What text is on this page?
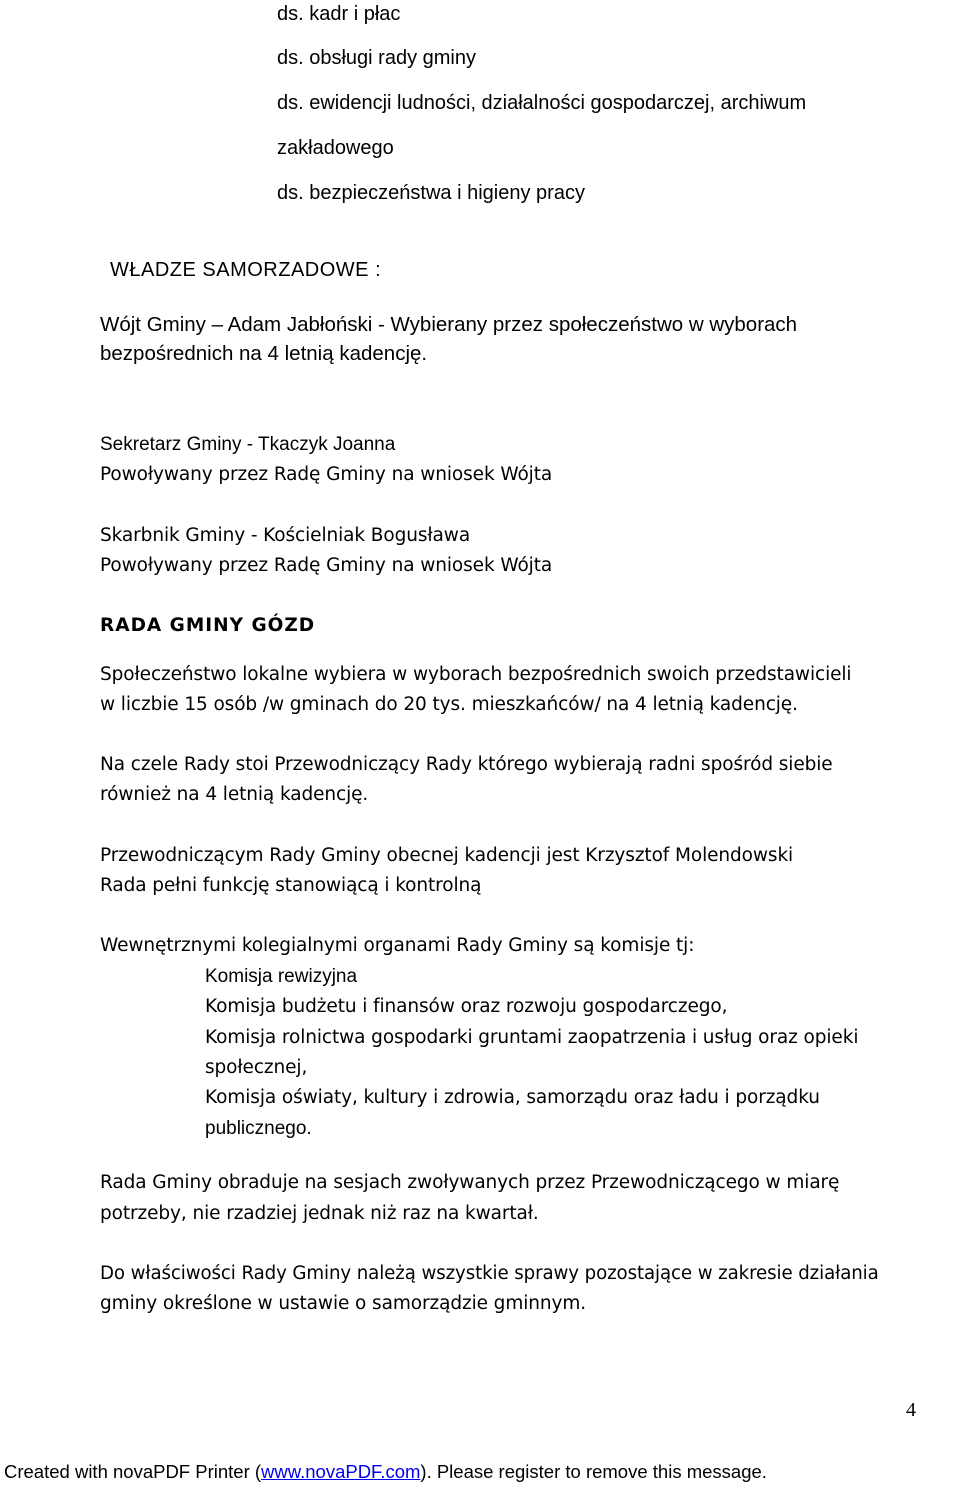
ds. kadr i płac
ds. obsługi rady gminy
ds. ewidencji ludności, działalności gospodarczej, archiwum
zakładowego
ds. bezpieczeństwa i higieny pracy
WŁADZE SAMORZADOWE :
Wójt Gminy – Adam Jabłoński - Wybierany przez społeczeństwo w wyborach
bezpośrednich na 4 letnią kadencję.
Sekretarz Gminy - Tkaczyk Joanna
Powoływany przez Radę Gminy na wniosek Wójta
Skarbnik Gminy - Kościelniak Bogusława
Powoływany przez Radę Gminy na wniosek Wójta
RADA GMINY GÓZD
Społeczeństwo lokalne wybiera w wyborach bezpośrednich swoich przedstawicieli
w liczbie 15 osób /w gminach do 20 tys. mieszkańców/ na 4 letnią kadencję.
Na czele Rady stoi Przewodniczący Rady którego wybierają radni spośród siebie
również na 4 letnią kadencję.
Przewodniczącym Rady Gminy obecnej kadencji jest Krzysztof Molendowski
Rada pełni funkcję stanowiącą i kontrolną
Wewnętrznymi kolegialnymi organami Rady Gminy są komisje tj:
Komisja rewizyjna
Komisja budżetu i finansów oraz rozwoju gospodarczego,
Komisja rolnictwa gospodarki gruntami zaopatrzenia i usług oraz opieki
społecznej,
Komisja oświaty, kultury i zdrowia, samorządu oraz ładu i porządku
publicznego.
Rada Gminy obraduje na sesjach zwoływanych przez Przewodniczącego w miarę
potrzeby, nie rzadziej jednak niż raz na kwartał.
Do właściwości Rady Gminy należą wszystkie sprawy pozostające w zakresie działania
gminy określone w ustawie o samorządzie gminnym.
4
Created with novaPDF Printer (www.novaPDF.com). Please register to remove this message.
